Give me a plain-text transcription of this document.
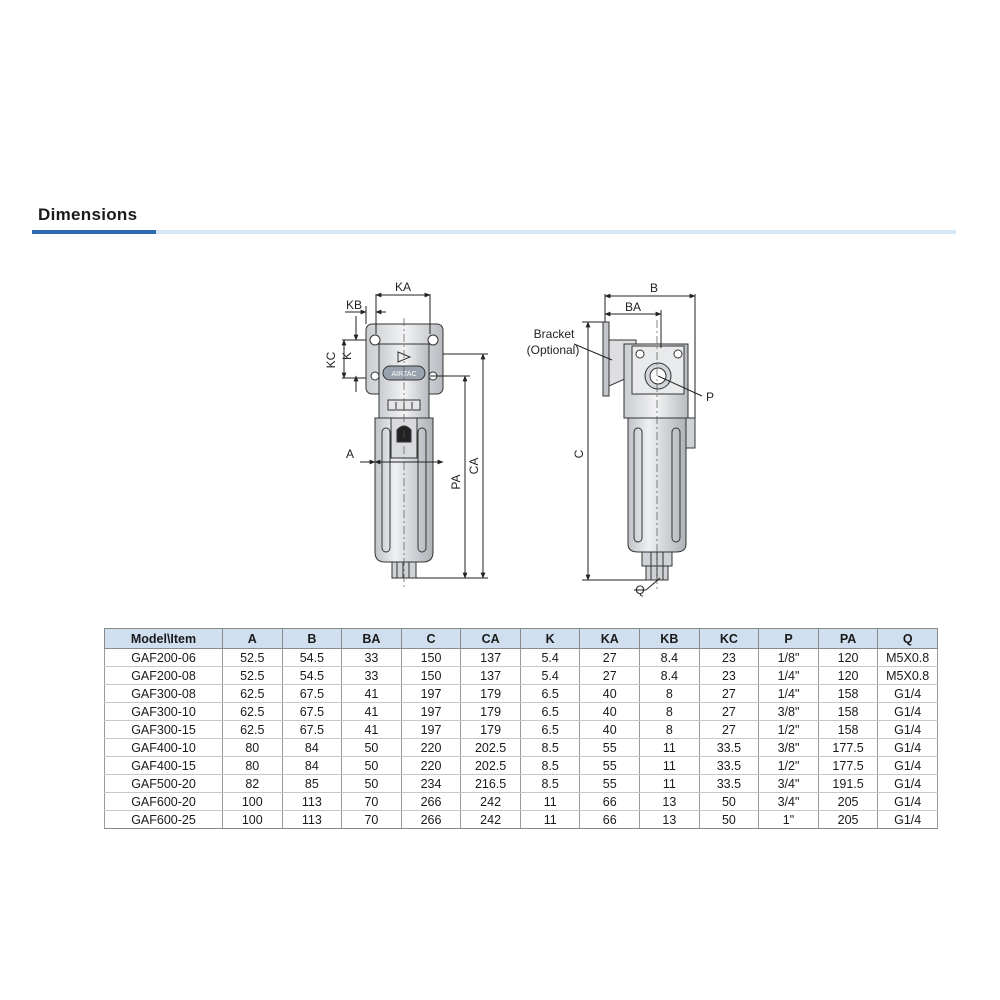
Dimensions
AIRTAC
KA
KB
KC K
A
PA
CA
B
BA
Bracket
(Optional)
C
P
Q
Model\Item	A	B	BA	C	CA	K	KA	KB	KC	P	PA	Q
GAF200-06	52.5	54.5	33	150	137	5.4	27	8.4	23	1/8"	120	M5X0.8
GAF200-08	52.5	54.5	33	150	137	5.4	27	8.4	23	1/4"	120	M5X0.8
GAF300-08	62.5	67.5	41	197	179	6.5	40	8	27	1/4"	158	G1/4
GAF300-10	62.5	67.5	41	197	179	6.5	40	8	27	3/8"	158	G1/4
GAF300-15	62.5	67.5	41	197	179	6.5	40	8	27	1/2"	158	G1/4
GAF400-10	80	84	50	220	202.5	8.5	55	11	33.5	3/8"	177.5	G1/4
GAF400-15	80	84	50	220	202.5	8.5	55	11	33.5	1/2"	177.5	G1/4
GAF500-20	82	85	50	234	216.5	8.5	55	11	33.5	3/4"	191.5	G1/4
GAF600-20	100	113	70	266	242	11	66	13	50	3/4"	205	G1/4
GAF600-25	100	113	70	266	242	11	66	13	50	1"	205	G1/4
